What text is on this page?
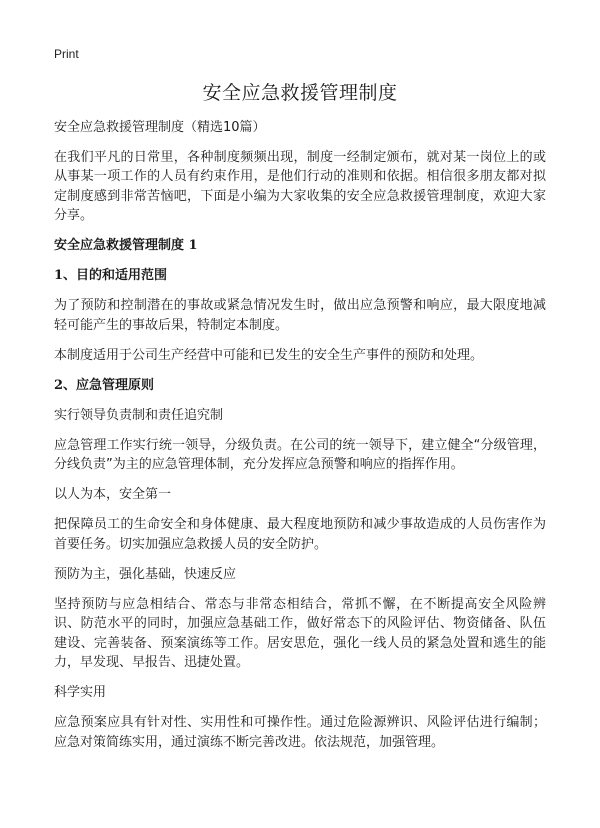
Print
安全应急救援管理制度

安全应急救援管理制度（精选10篇）

在我们平凡的日常里，各种制度频频出现，制度一经制定颁布，就对某一岗位上的或从事某一项工作的人员有约束作用，是他们行动的准则和依据。相信很多朋友都对拟定制度感到非常苦恼吧，下面是小编为大家收集的安全应急救援管理制度，欢迎大家分享。

安全应急救援管理制度 1

1、目的和适用范围

为了预防和控制潜在的事故或紧急情况发生时，做出应急预警和响应，最大限度地减轻可能产生的事故后果，特制定本制度。

本制度适用于公司生产经营中可能和已发生的安全生产事件的预防和处理。

2、应急管理原则

实行领导负责制和责任追究制

应急管理工作实行统一领导，分级负责。在公司的统一领导下，建立健全“分级管理，分线负责”为主的应急管理体制，充分发挥应急预警和响应的指挥作用。

以人为本，安全第一

把保障员工的生命安全和身体健康、最大程度地预防和减少事故造成的人员伤害作为首要任务。切实加强应急救援人员的安全防护。

预防为主，强化基础，快速反应

坚持预防与应急相结合、常态与非常态相结合，常抓不懈，在不断提高安全风险辨识、防范水平的同时，加强应急基础工作，做好常态下的风险评估、物资储备、队伍建设、完善装备、预案演练等工作。居安思危，强化一线人员的紧急处置和逃生的能力，早发现、早报告、迅捷处置。

科学实用

应急预案应具有针对性、实用性和可操作性。通过危险源辨识、风险评估进行编制；应急对策简练实用，通过演练不断完善改进。依法规范，加强管理。
